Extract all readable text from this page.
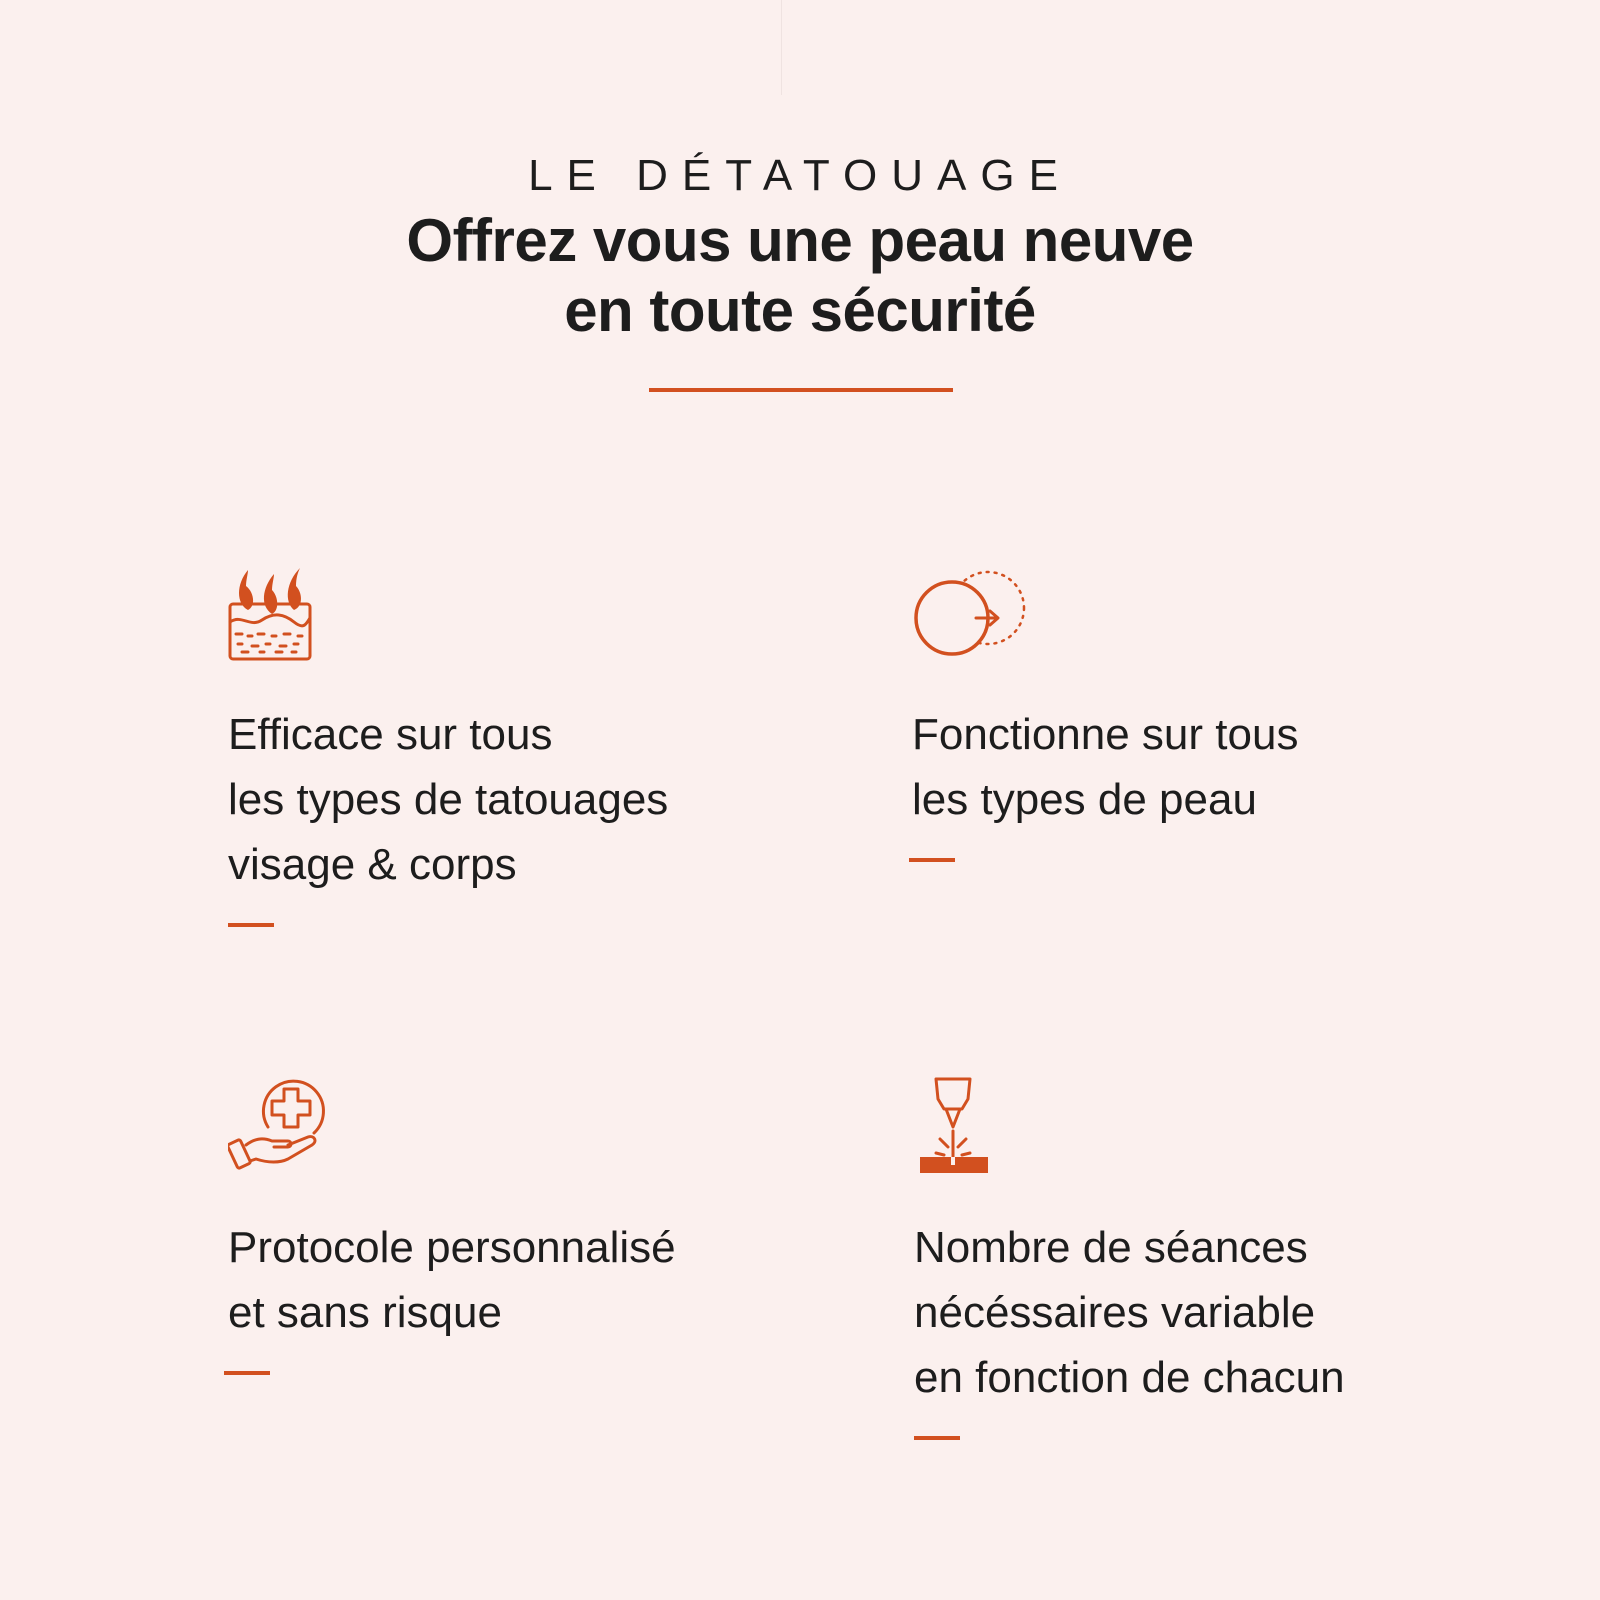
LE DÉTATOUAGE
Offrez vous une peau neuve
en toute sécurité
Efficace sur tous
les types de tatouages
visage & corps
Fonctionne sur tous
les types de peau
Protocole personnalisé
et sans risque
Nombre de séances
nécéssaires variable
en fonction de chacun
